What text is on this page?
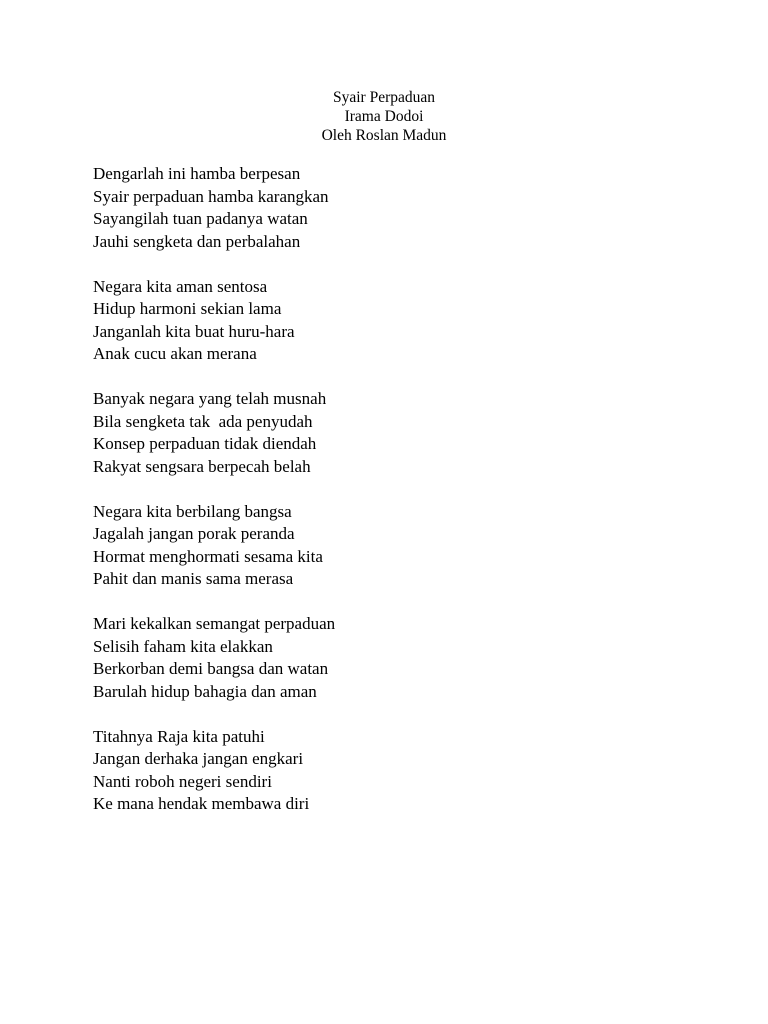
Syair Perpaduan
Irama Dodoi
Oleh Roslan Madun
Dengarlah ini hamba berpesan
Syair perpaduan hamba karangkan
Sayangilah tuan padanya watan
Jauhi sengketa dan perbalahan
Negara kita aman sentosa
Hidup harmoni sekian lama
Janganlah kita buat huru-hara
Anak cucu akan merana
Banyak negara yang telah musnah
Bila sengketa tak  ada penyudah
Konsep perpaduan tidak diendah
Rakyat sengsara berpecah belah
Negara kita berbilang bangsa
Jagalah jangan porak peranda
Hormat menghormati sesama kita
Pahit dan manis sama merasa
Mari kekalkan semangat perpaduan
Selisih faham kita elakkan
Berkorban demi bangsa dan watan
Barulah hidup bahagia dan aman
Titahnya Raja kita patuhi
Jangan derhaka jangan engkari
Nanti roboh negeri sendiri
Ke mana hendak membawa diri
